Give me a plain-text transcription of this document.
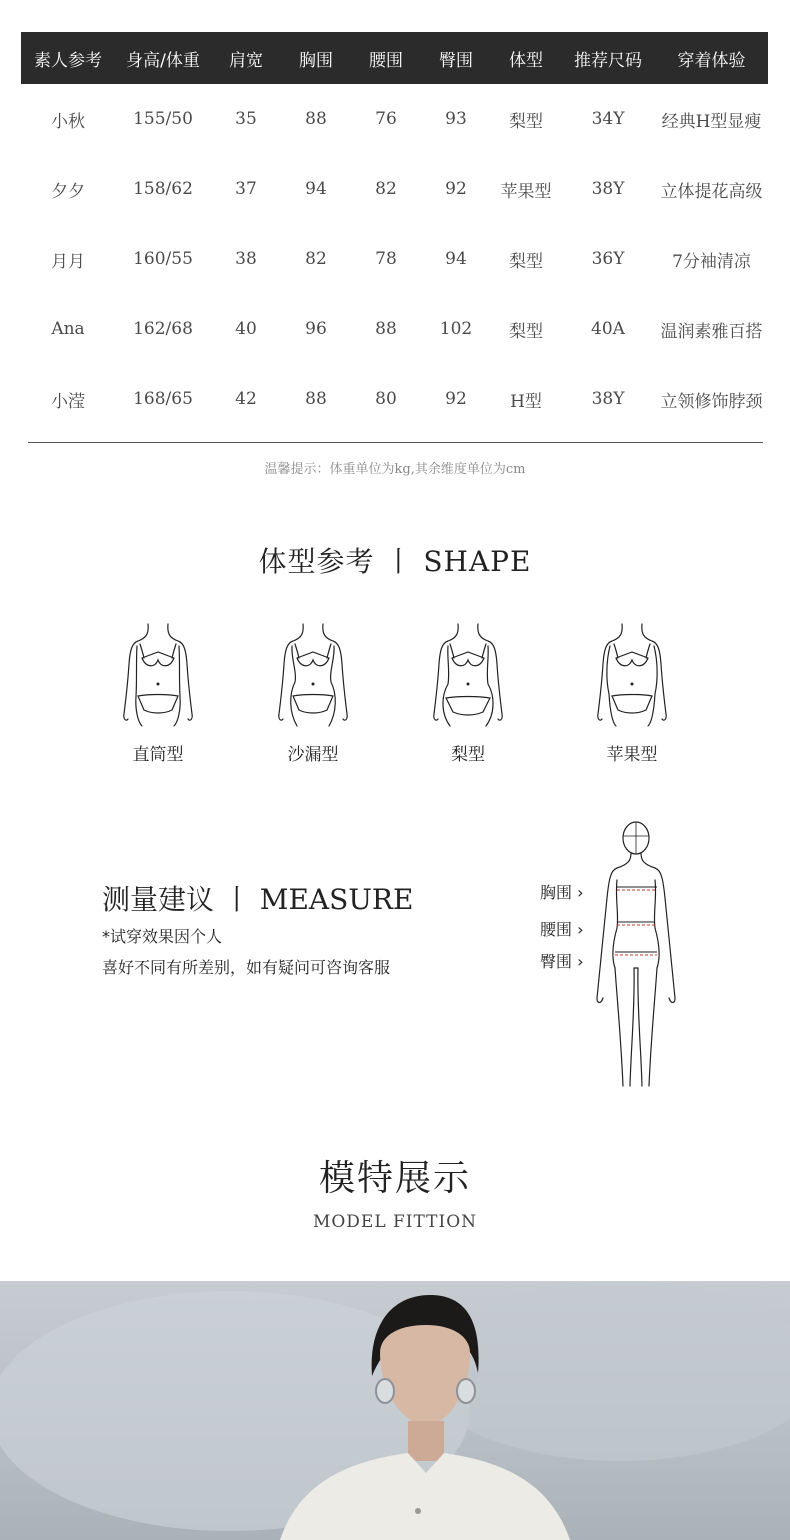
素人参考	身高/体重	肩宽	胸围	腰围	臀围	体型	推荐尺码	穿着体验
小秋	155/50	35	88	76	93	梨型	34Y	经典H型显瘦
夕夕	158/62	37	94	82	92	苹果型	38Y	立体提花高级
月月	160/55	38	82	78	94	梨型	36Y	7分袖清凉
Ana	162/68	40	96	88	102	梨型	40A	温润素雅百搭
小滢	168/65	42	88	80	92	H型	38Y	立领修饰脖颈
温馨提示：体重单位为kg,其余维度单位为cm
体型参考 丨 SHAPE
直筒型	沙漏型	梨型	苹果型
测量建议 丨 MEASURE
*试穿效果因个人
喜好不同有所差别，如有疑问可咨询客服
胸围 ›
腰围 ›
臀围 ›
模特展示
MODEL FITTION
